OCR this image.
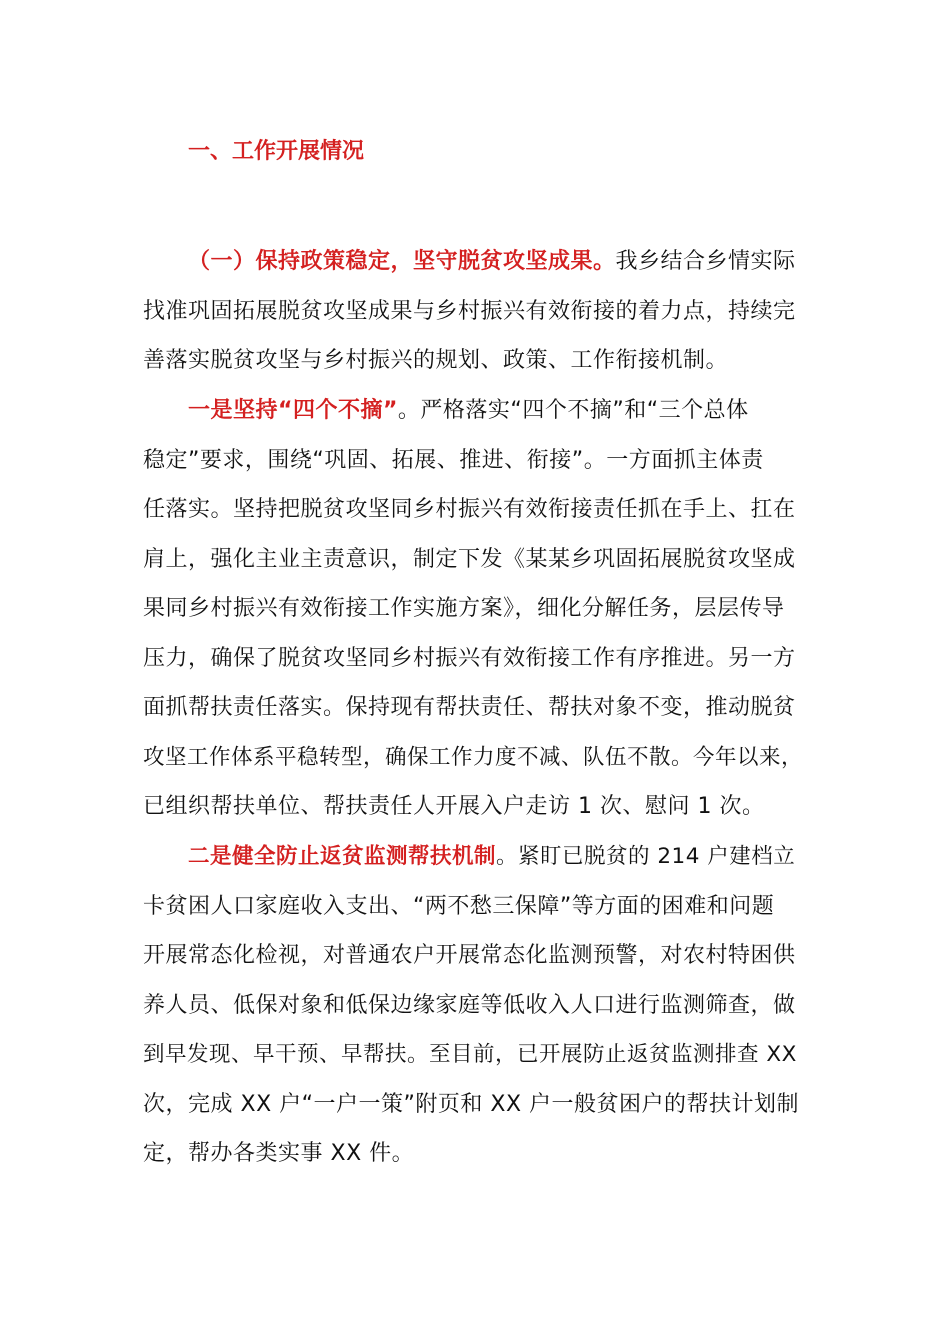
一、工作开展情况
（一）保持政策稳定，坚守脱贫攻坚成果。我乡结合乡情实际
找准巩固拓展脱贫攻坚成果与乡村振兴有效衔接的着力点，持续完
善落实脱贫攻坚与乡村振兴的规划、政策、工作衔接机制。
一是坚持“四个不摘”。严格落实“四个不摘”和“三个总体
稳定”要求，围绕“巩固、拓展、推进、衔接”。一方面抓主体责
任落实。坚持把脱贫攻坚同乡村振兴有效衔接责任抓在手上、扛在
肩上，强化主业主责意识，制定下发《某某乡巩固拓展脱贫攻坚成
果同乡村振兴有效衔接工作实施方案》，细化分解任务，层层传导
压力，确保了脱贫攻坚同乡村振兴有效衔接工作有序推进。另一方
面抓帮扶责任落实。保持现有帮扶责任、帮扶对象不变，推动脱贫
攻坚工作体系平稳转型，确保工作力度不减、队伍不散。今年以来，
已组织帮扶单位、帮扶责任人开展入户走访 1 次、慰问 1 次。
二是健全防止返贫监测帮扶机制。紧盯已脱贫的 214 户建档立
卡贫困人口家庭收入支出、“两不愁三保障”等方面的困难和问题
开展常态化检视，对普通农户开展常态化监测预警，对农村特困供
养人员、低保对象和低保边缘家庭等低收入人口进行监测筛查，做
到早发现、早干预、早帮扶。至目前，已开展防止返贫监测排查 XX
次，完成 XX 户“一户一策”附页和 XX 户一般贫困户的帮扶计划制
定，帮办各类实事 XX 件。
